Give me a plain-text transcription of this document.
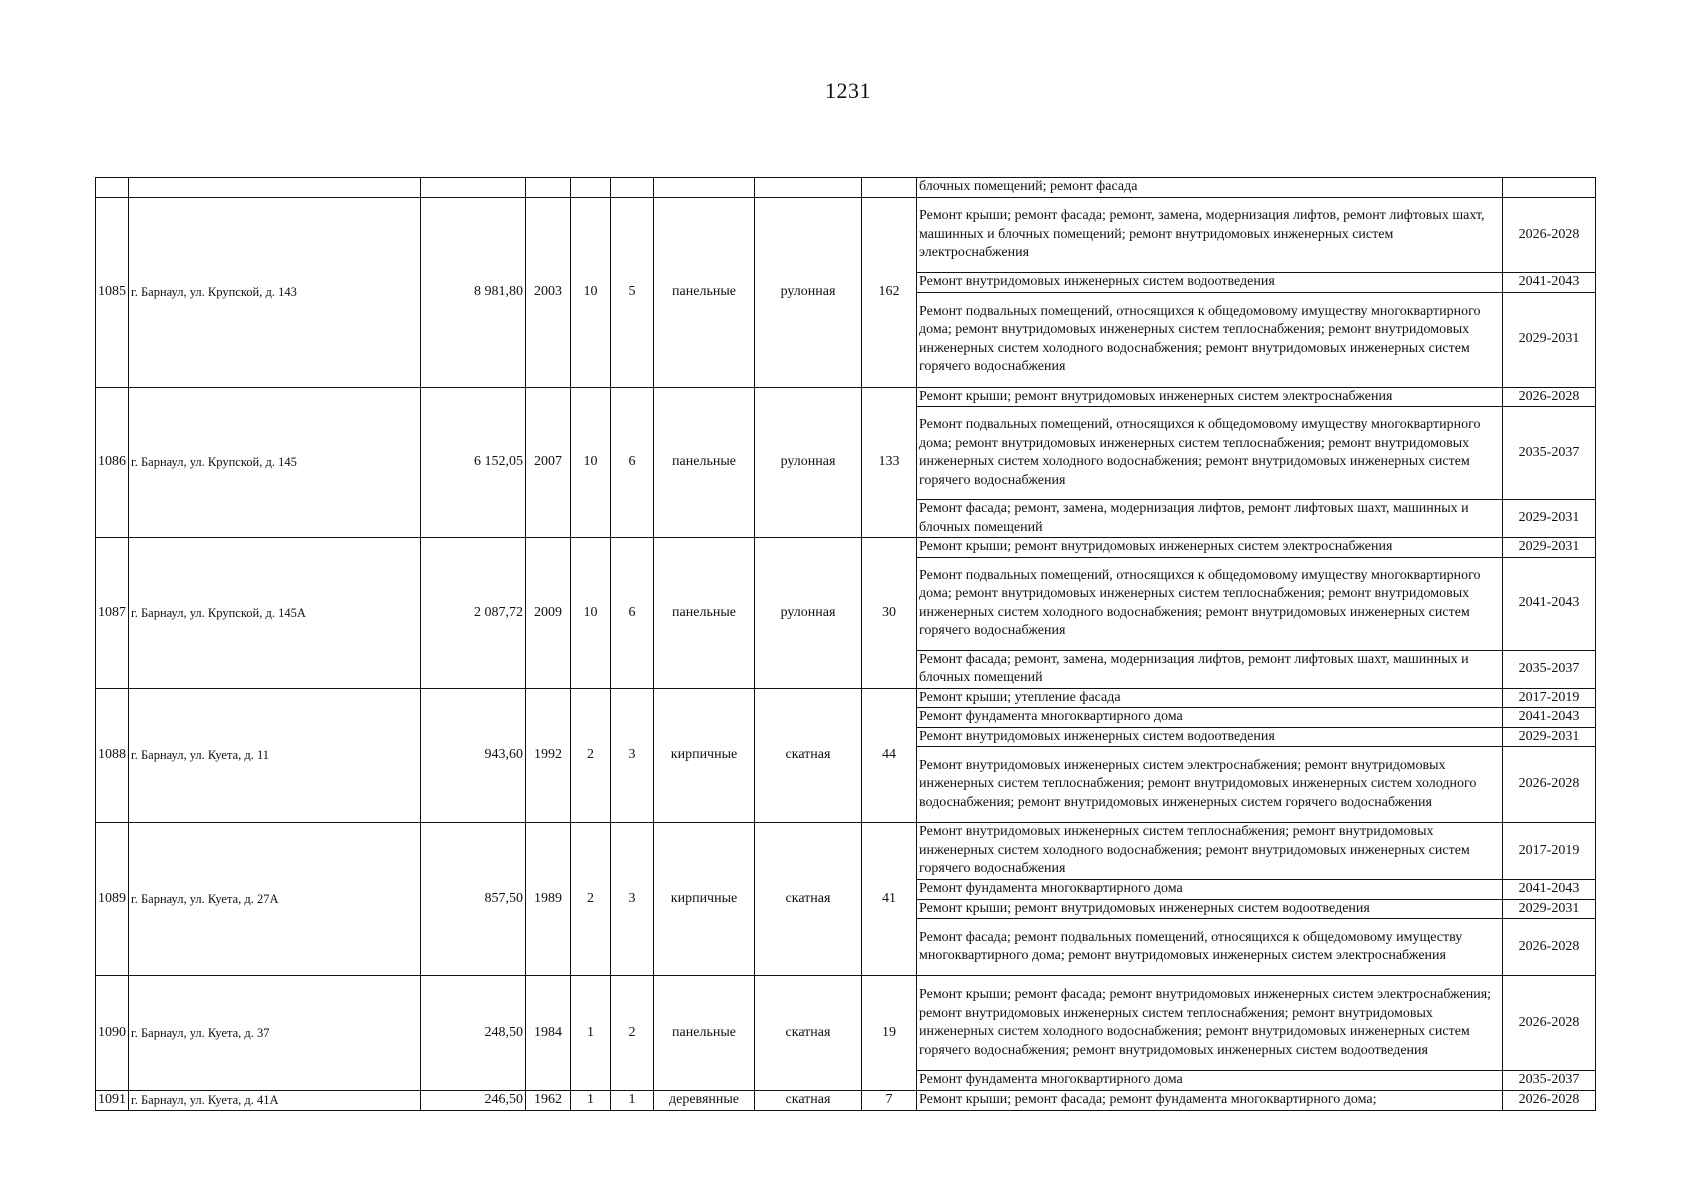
1231
									блочных помещений; ремонт фасада	
1085	г. Барнаул, ул. Крупской, д. 143	8 981,80	2003	10	5	панельные	рулонная	162	Ремонт крыши; ремонт фасада; ремонт, замена, модернизация лифтов, ремонт лифтовых шахт, машинных и блочных помещений; ремонт внутридомовых инженерных систем электроснабжения	2026-2028
									Ремонт внутридомовых инженерных систем водоотведения	2041-2043
									Ремонт подвальных помещений, относящихся к общедомовому имуществу многоквартирного дома; ремонт внутридомовых инженерных систем теплоснабжения; ремонт внутридомовых инженерных систем холодного водоснабжения; ремонт внутридомовых инженерных систем горячего водоснабжения	2029-2031
1086	г. Барнаул, ул. Крупской, д. 145	6 152,05	2007	10	6	панельные	рулонная	133	Ремонт крыши; ремонт внутридомовых инженерных систем электроснабжения	2026-2028
									Ремонт подвальных помещений, относящихся к общедомовому имуществу многоквартирного дома; ремонт внутридомовых инженерных систем теплоснабжения; ремонт внутридомовых инженерных систем холодного водоснабжения; ремонт внутридомовых инженерных систем горячего водоснабжения	2035-2037
									Ремонт фасада; ремонт, замена, модернизация лифтов, ремонт лифтовых шахт, машинных и блочных помещений	2029-2031
1087	г. Барнаул, ул. Крупской, д. 145А	2 087,72	2009	10	6	панельные	рулонная	30	Ремонт крыши; ремонт внутридомовых инженерных систем электроснабжения	2029-2031
									Ремонт подвальных помещений, относящихся к общедомовому имуществу многоквартирного дома; ремонт внутридомовых инженерных систем теплоснабжения; ремонт внутридомовых инженерных систем холодного водоснабжения; ремонт внутридомовых инженерных систем горячего водоснабжения	2041-2043
									Ремонт фасада; ремонт, замена, модернизация лифтов, ремонт лифтовых шахт, машинных и блочных помещений	2035-2037
1088	г. Барнаул, ул. Куета, д. 11	943,60	1992	2	3	кирпичные	скатная	44	Ремонт крыши; утепление фасада	2017-2019
									Ремонт фундамента многоквартирного дома	2041-2043
									Ремонт внутридомовых инженерных систем водоотведения	2029-2031
									Ремонт внутридомовых инженерных систем электроснабжения; ремонт внутридомовых инженерных систем теплоснабжения; ремонт внутридомовых инженерных систем холодного водоснабжения; ремонт внутридомовых инженерных систем горячего водоснабжения	2026-2028
1089	г. Барнаул, ул. Куета, д. 27А	857,50	1989	2	3	кирпичные	скатная	41	Ремонт внутридомовых инженерных систем теплоснабжения; ремонт внутридомовых инженерных систем холодного водоснабжения; ремонт внутридомовых инженерных систем горячего водоснабжения	2017-2019
									Ремонт фундамента многоквартирного дома	2041-2043
									Ремонт крыши; ремонт внутридомовых инженерных систем водоотведения	2029-2031
									Ремонт фасада; ремонт подвальных помещений, относящихся к общедомовому имуществу многоквартирного дома; ремонт внутридомовых инженерных систем электроснабжения	2026-2028
1090	г. Барнаул, ул. Куета, д. 37	248,50	1984	1	2	панельные	скатная	19	Ремонт крыши; ремонт фасада; ремонт внутридомовых инженерных систем электроснабжения; ремонт внутридомовых инженерных систем теплоснабжения; ремонт внутридомовых инженерных систем холодного водоснабжения; ремонт внутридомовых инженерных систем горячего водоснабжения; ремонт внутридомовых инженерных систем водоотведения	2026-2028
									Ремонт фундамента многоквартирного дома	2035-2037
1091	г. Барнаул, ул. Куета, д. 41А	246,50	1962	1	1	деревянные	скатная	7	Ремонт крыши; ремонт фасада; ремонт фундамента многоквартирного дома;	2026-2028
